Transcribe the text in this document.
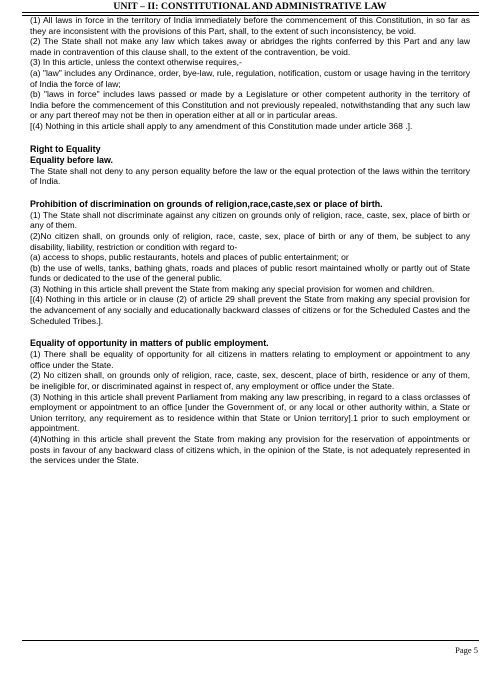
UNIT – II: CONSTITUTIONAL AND ADMINISTRATIVE LAW

(1) All laws in force in the territory of India immediately before the commencement of this Constitution, in so far as they are inconsistent with the provisions of this Part, shall, to the extent of such inconsistency, be void.

(2) The State shall not make any law which takes away or abridges the rights conferred by this Part and any law made in contravention of this clause shall, to the extent of the contravention, be void.

(3) In this article, unless the context otherwise requires,-

(a) "law" includes any Ordinance, order, bye-law, rule, regulation, notification, custom or usage having in the territory of India the force of law;

(b) "laws in force" includes laws passed or made by a Legislature or other competent authority in the territory of India before the commencement of this Constitution and not previously repealed, notwithstanding that any such law or any part thereof may not be then in operation either at all or in particular areas.

[(4) Nothing in this article shall apply to any amendment of this Constitution made under article 368 .].

Right to Equality

Equality before law.

The State shall not deny to any person equality before the law or the equal protection of the laws within the territory of India.

Prohibition of discrimination on grounds of religion,race,caste,sex or place of birth.

(1) The State shall not discriminate against any citizen on grounds only of religion, race, caste, sex, place of birth or any of them.

(2)No citizen shall, on grounds only of religion, race, caste, sex, place of birth or any of them, be subject to any disability, liability, restriction or condition with regard to-

(a) access to shops, public restaurants, hotels and places of public entertainment; or

(b) the use of wells, tanks, bathing ghats, roads and places of public resort maintained wholly or partly out of State funds or dedicated to the use of the general public.

(3) Nothing in this article shall prevent the State from making any special provision for women and children.

[(4) Nothing in this article or in clause (2) of article 29 shall prevent the State from making any special provision for the advancement of any socially and educationally backward classes of citizens or for the Scheduled Castes and the Scheduled Tribes.].

Equality of opportunity in matters of public employment.

(1) There shall be equality of opportunity for all citizens in matters relating to employment or appointment to any office under the State.

(2) No citizen shall, on grounds only of religion, race, caste, sex, descent, place of birth, residence or any of them, be ineligible for, or discriminated against in respect of, any employment or office under the State.

(3) Nothing in this article shall prevent Parliament from making any law prescribing, in regard to a class orclasses of employment or appointment to an office [under the Government of, or any local or other authority within, a State or Union territory, any requirement as to residence within that State or Union territory].1 prior to such employment or appointment.

(4)Nothing in this article shall prevent the State from making any provision for the reservation of appointments or posts in favour of any backward class of citizens which, in the opinion of the State, is not adequately represented in the services under the State.

Page 5
